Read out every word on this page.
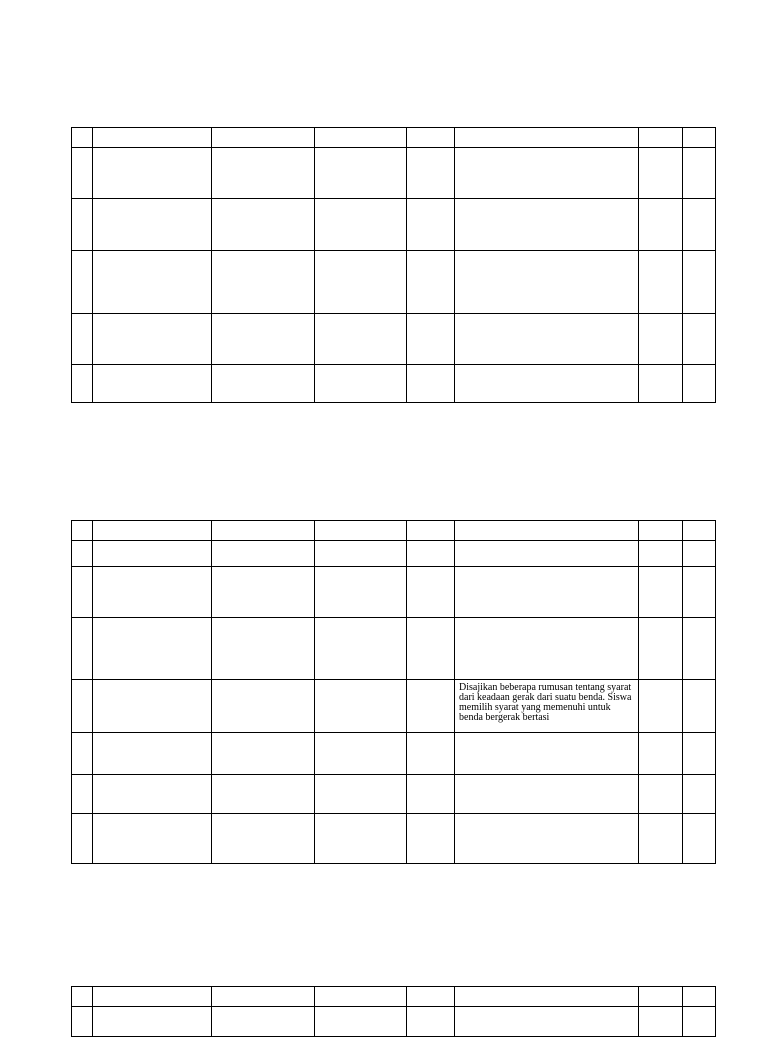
					Disajikan beberapa rumusan tentang syarat dari keadaan gerak dari suatu benda. Siswa memilih syarat yang memenuhi untuk benda bergerak bertasi		
